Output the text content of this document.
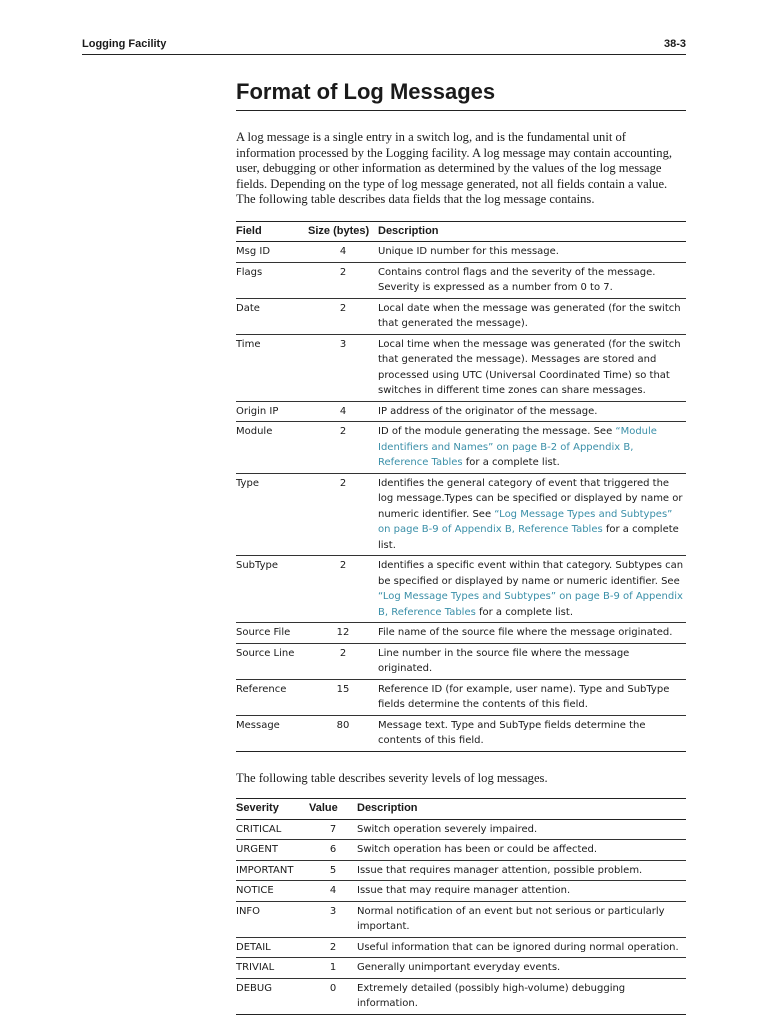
Logging Facility	38-3
Format of Log Messages

A log message is a single entry in a switch log, and is the fundamental unit of information processed by the Logging facility. A log message may contain accounting, user, debugging or other information as determined by the values of the log message fields. Depending on the type of log message generated, not all fields contain a value. The following table describes data fields that the log message contains.

Field	Size (bytes)	Description
Msg ID	4	Unique ID number for this message.
Flags	2	Contains control flags and the severity of the message. Severity is expressed as a number from 0 to 7.
Date	2	Local date when the message was generated (for the switch that generated the message).
Time	3	Local time when the message was generated (for the switch that generated the message). Messages are stored and processed using UTC (Universal Coordinated Time) so that switches in different time zones can share messages.
Origin IP	4	IP address of the originator of the message.
Module	2	ID of the module generating the message. See “Module Identifiers and Names” on page B-2 of Appendix B, Reference Tables for a complete list.
Type	2	Identifies the general category of event that triggered the log message.Types can be specified or displayed by name or numeric identifier. See “Log Message Types and Subtypes” on page B-9 of Appendix B, Reference Tables for a complete list.
SubType	2	Identifies a specific event within that category. Subtypes can be specified or displayed by name or numeric identifier. See “Log Message Types and Subtypes” on page B-9 of Appendix B, Reference Tables for a complete list.
Source File	12	File name of the source file where the message originated.
Source Line	2	Line number in the source file where the message originated.
Reference	15	Reference ID (for example, user name). Type and SubType fields determine the contents of this field.
Message	80	Message text. Type and SubType fields determine the contents of this field.

The following table describes severity levels of log messages.

Severity	Value	Description
CRITICAL	7	Switch operation severely impaired.
URGENT	6	Switch operation has been or could be affected.
IMPORTANT	5	Issue that requires manager attention, possible problem.
NOTICE	4	Issue that may require manager attention.
INFO	3	Normal notification of an event but not serious or particularly important.
DETAIL	2	Useful information that can be ignored during normal operation.
TRIVIAL	1	Generally unimportant everyday events.
DEBUG	0	Extremely detailed (possibly high-volume) debugging information.
